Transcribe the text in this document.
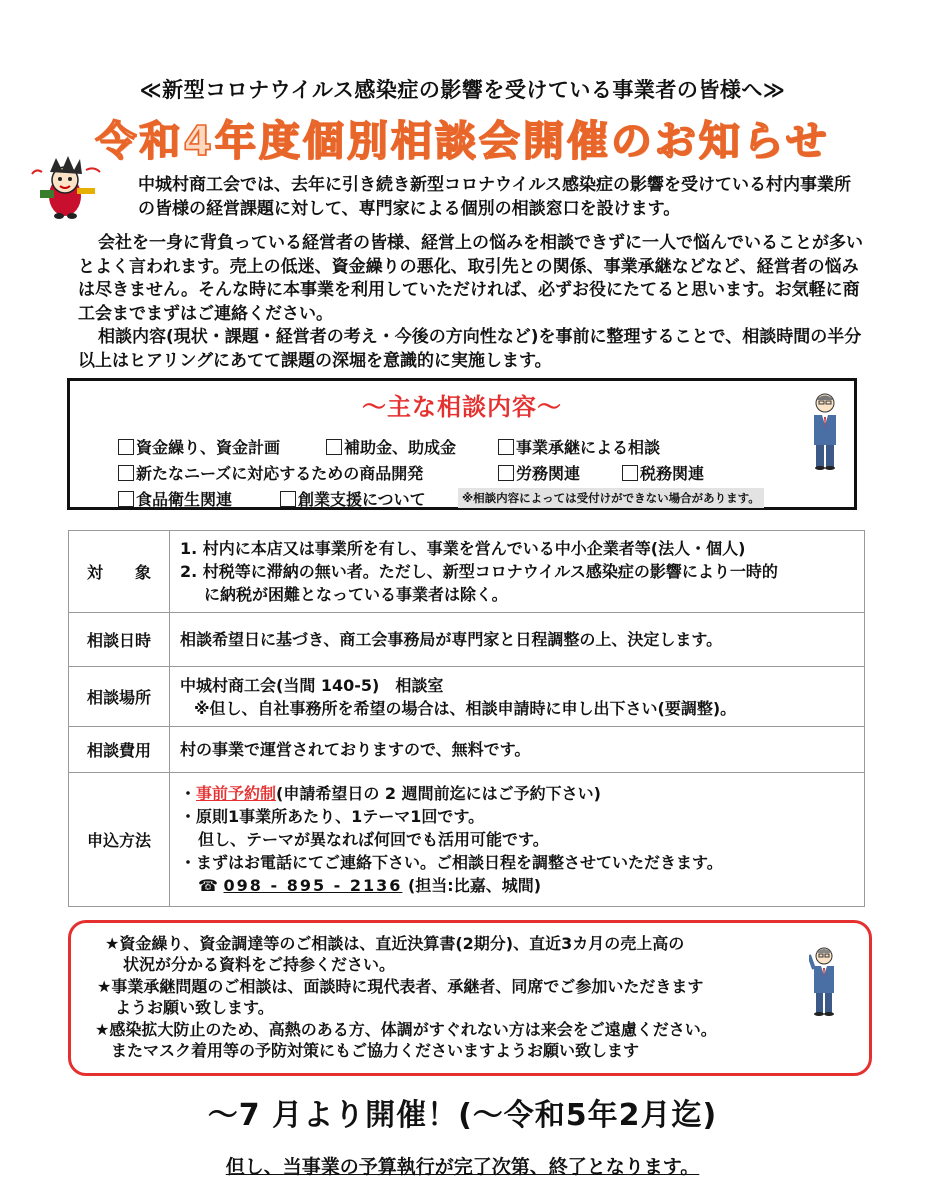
≪新型コロナウイルス感染症の影響を受けている事業者の皆様へ≫
令和4年度個別相談会開催のお知らせ
中城村商工会では、去年に引き続き新型コロナウイルス感染症の影響を受けている村内事業所の皆様の経営課題に対して、専門家による個別の相談窓口を設けます。
会社を一身に背負っている経営者の皆様、経営上の悩みを相談できずに一人で悩んでいることが多いとよく言われます。売上の低迷、資金繰りの悪化、取引先との関係、事業承継などなど、経営者の悩みは尽きません。そんな時に本事業を利用していただければ、必ずお役にたてると思います。お気軽に商工会までまずはご連絡ください。
相談内容(現状・課題・経営者の考え・今後の方向性など)を事前に整理することで、相談時間の半分以上はヒアリングにあてて課題の深堀を意識的に実施します。
～主な相談内容～
資金繰り、資金計画	補助金、助成金	事業承継による相談
新たなニーズに対応するための商品開発	労務関連	税務関連
食品衛生関連	創業支援について	※相談内容によっては受付けができない場合があります。
対　　象	1. 村内に本店又は事業所を有し、事業を営んでいる中小企業者等(法人・個人)
2. 村税等に滞納の無い者。ただし、新型コロナウイルス感染症の影響により一時的
に納税が困難となっている事業者は除く。

相談日時	相談希望日に基づき、商工会事務局が専門家と日程調整の上、決定します。
相談場所	中城村商工会(当間 140-5)　相談室
※但し、自社事務所を希望の場合は、相談申請時に申し出下さい(要調整)。

相談費用	村の事業で運営されておりますので、無料です。
申込方法	・事前予約制(申請希望日の 2 週間前迄にはご予約下さい)
・原則1事業所あたり、1テーマ1回です。
但し、テーマが異なれば何回でも活用可能です。
・まずはお電話にてご連絡下さい。ご相談日程を調整させていただきます。
☎ 098 - 895 - 2136 (担当:比嘉、城間)
★資金繰り、資金調達等のご相談は、直近決算書(2期分)、直近3カ月の売上高の
状況が分かる資料をご持参ください。
★事業承継問題のご相談は、面談時に現代表者、承継者、同席でご参加いただきます
ようお願い致します。
★感染拡大防止のため、高熱のある方、体調がすぐれない方は来会をご遠慮ください。
またマスク着用等の予防対策にもご協力くださいますようお願い致します
～7 月より開催！(～令和5年2月迄)
但し、当事業の予算執行が完了次第、終了となります。
